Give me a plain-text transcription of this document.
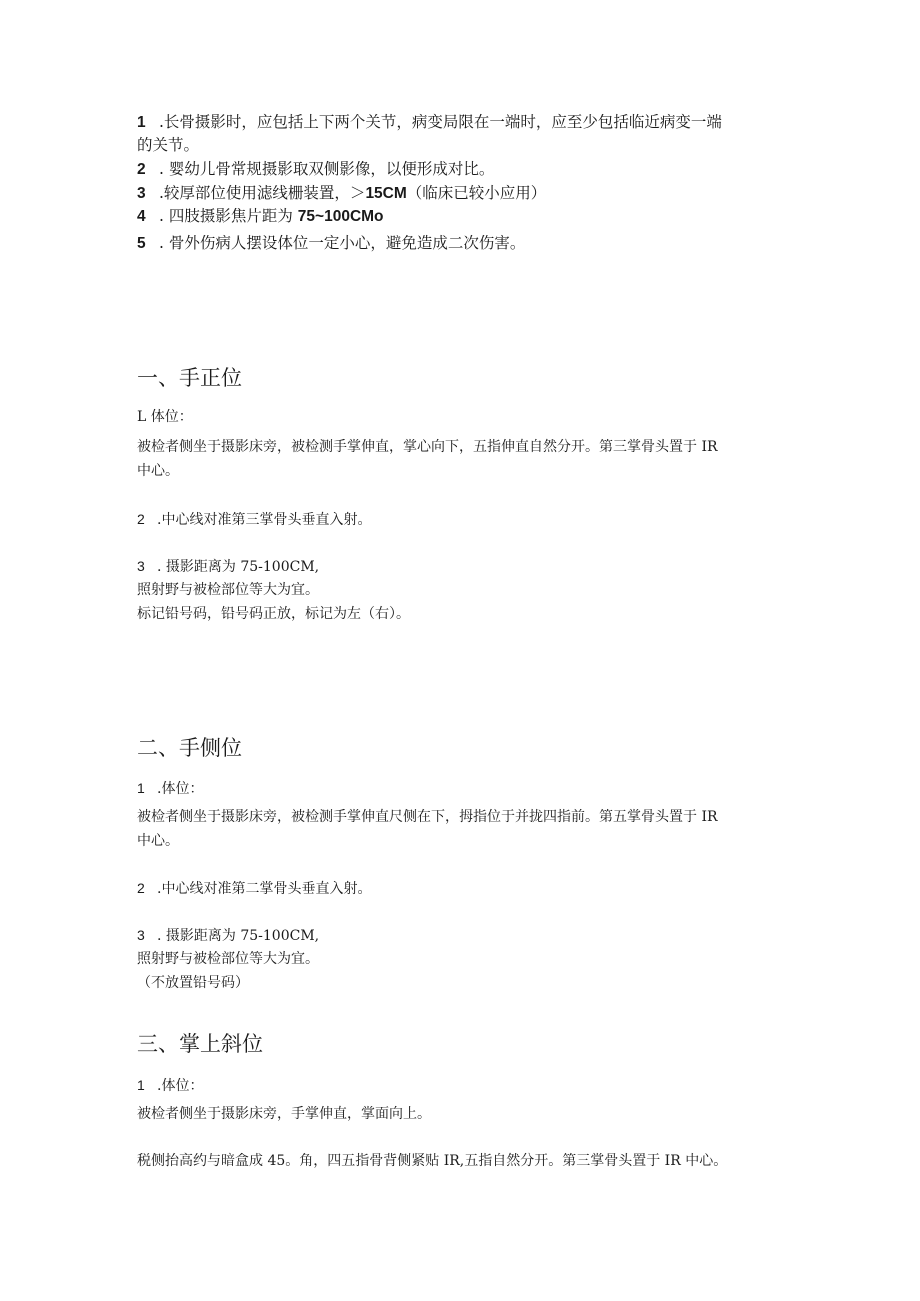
1 .长骨摄影时，应包括上下两个关节，病变局限在一端时，应至少包括临近病变一端
的关节。
2 . 婴幼儿骨常规摄影取双侧影像，以便形成对比。
3 .较厚部位使用滤线栅装置，＞15CM（临床已较小应用）
4 . 四肢摄影焦片距为 75~100CMo
5 . 骨外伤病人摆设体位一定小心，避免造成二次伤害。
一、手正位
L 体位：
被检者侧坐于摄影床旁，被检测手掌伸直，掌心向下，五指伸直自然分开。第三掌骨头置于 IR
中心。
2 .中心线对准第三掌骨头垂直入射。
3 . 摄影距离为 75-100CM,
照射野与被检部位等大为宜。
标记铅号码，铅号码正放，标记为左（右）。
二、手侧位
1 .体位：
被检者侧坐于摄影床旁，被检测手掌伸直尺侧在下，拇指位于并拢四指前。第五掌骨头置于 IR
中心。
2 .中心线对准第二掌骨头垂直入射。
3 . 摄影距离为 75-100CM,
照射野与被检部位等大为宜。
（不放置铅号码）
三、掌上斜位
1 .体位：
被检者侧坐于摄影床旁，手掌伸直，掌面向上。
税侧抬高约与暗盒成 45。角，四五指骨背侧紧贴 IR,五指自然分开。第三掌骨头置于 IR 中心。
